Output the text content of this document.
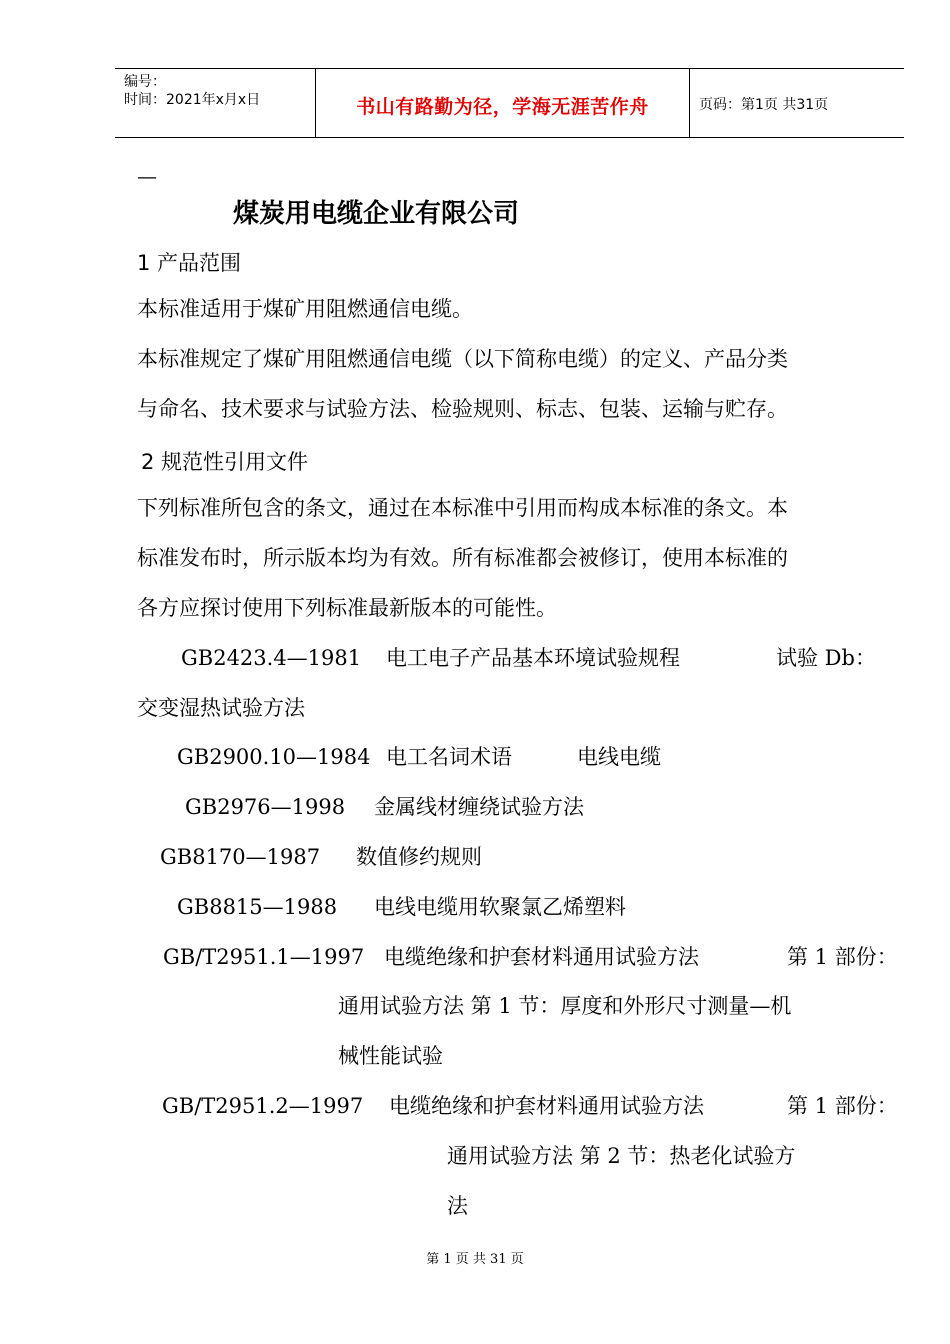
编号：
时间：2021年x月x日	书山有路勤为径，学海无涯苦作舟	页码：第1页 共31页
—
煤炭用电缆企业有限公司
1 产品范围
本标准适用于煤矿用阻燃通信电缆。
本标准规定了煤矿用阻燃通信电缆（以下简称电缆）的定义、产品分类
与命名、技术要求与试验方法、检验规则、标志、包装、运输与贮存。
2 规范性引用文件
下列标准所包含的条文，通过在本标准中引用而构成本标准的条文。本
标准发布时，所示版本均为有效。所有标准都会被修订，使用本标准的
各方应探讨使用下列标准最新版本的可能性。
GB2423.4—1981 电工电子产品基本环境试验规程	试验 Db：
交变湿热试验方法
GB2900.10—1984 电工名词术语	电线电缆
GB2976—1998 金属线材缠绕试验方法
GB8170—1987 数值修约规则
GB8815—1988 电线电缆用软聚氯乙烯塑料
GB/T2951.1—1997 电缆绝缘和护套材料通用试验方法	第 1 部份：
通用试验方法 第 1 节：厚度和外形尺寸测量—机
械性能试验
GB/T2951.2—1997 电缆绝缘和护套材料通用试验方法	第 1 部份：
通用试验方法 第 2 节：热老化试验方
法
第 1 页 共 31 页
